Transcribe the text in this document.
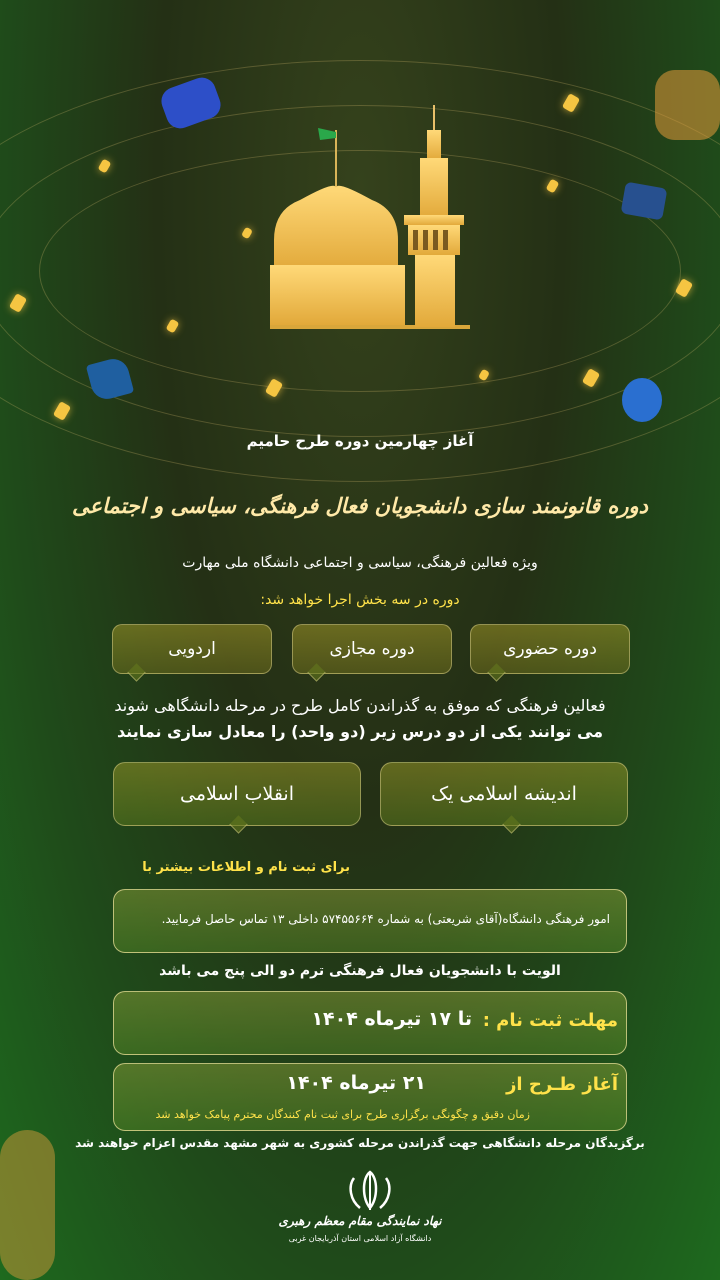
آغاز چهارمین دوره طرح حامیم
دوره قانونمند سازی دانشجویان فعال فرهنگی، سیاسی و اجتماعی
ویژه فعالین فرهنگی، سیاسی و اجتماعی دانشگاه ملی مهارت
دوره در سه بخش اجرا خواهد شد:
دوره حضوری
دوره مجازی
اردویی
فعالین فرهنگی که موفق به گذراندن کامل طرح در مرحله دانشگاهی شوند
می توانند یکی از دو درس زیر (دو واحد) را معادل سازی نمایند
اندیشه اسلامی یک
انقلاب اسلامی
برای ثبت نام و اطلاعات بیشتر با
امور فرهنگی دانشگاه(آقای شریعتی) به شماره ۵۷۴۵۵۶۶۴ داخلی ۱۳ تماس حاصل فرمایید.
الویت با دانشجویان فعال فرهنگی ترم دو الی پنج می باشد
مهلت ثبت نام :
تا ۱۷ تیرماه ۱۴۰۴
آغاز طـرح از
۲۱ تیرماه ۱۴۰۴
زمان دقیق و چگونگی برگزاری طرح برای ثبت نام کنندگان محترم پیامک خواهد شد
برگزیدگان مرحله دانشگاهی جهت گذراندن مرحله کشوری به شهر مشهد مقدس اعزام خواهند شد
نهاد نمایندگی مقام معظم رهبری
دانشگاه آزاد اسلامی استان آذربایجان غربی
